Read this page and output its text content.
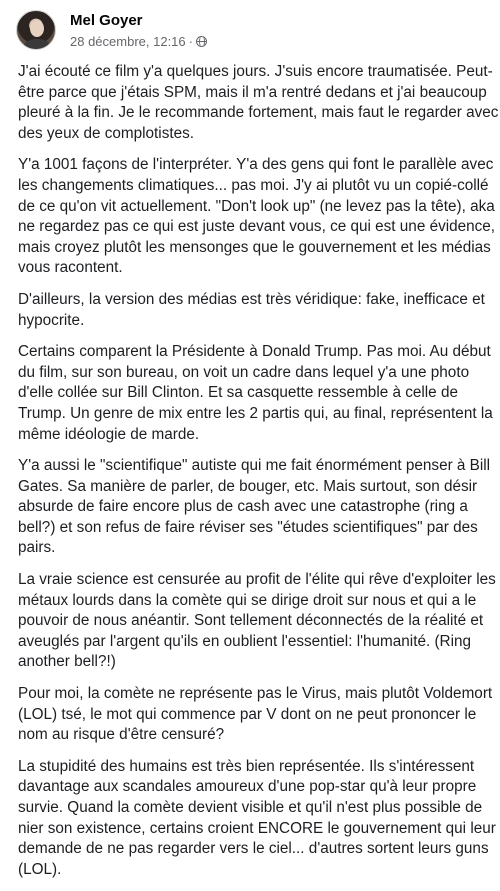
Mel Goyer
28 décembre, 12:16 ·

J'ai écouté ce film y'a quelques jours. J'suis encore traumatisée. Peut-
être parce que j'étais SPM, mais il m'a rentré dedans et j'ai beaucoup
pleuré à la fin. Je le recommande fortement, mais faut le regarder avec
des yeux de complotistes.

Y'a 1001 façons de l'interpréter. Y'a des gens qui font le parallèle avec
les changements climatiques... pas moi. J'y ai plutôt vu un copié-collé
de ce qu'on vit actuellement. "Don't look up" (ne levez pas la tête), aka
ne regardez pas ce qui est juste devant vous, ce qui est une évidence,
mais croyez plutôt les mensonges que le gouvernement et les médias
vous racontent.

D'ailleurs, la version des médias est très véridique: fake, inefficace et
hypocrite.

Certains comparent la Présidente à Donald Trump. Pas moi. Au début
du film, sur son bureau, on voit un cadre dans lequel y'a une photo
d'elle collée sur Bill Clinton. Et sa casquette ressemble à celle de
Trump. Un genre de mix entre les 2 partis qui, au final, représentent la
même idéologie de marde.

Y'a aussi le "scientifique" autiste qui me fait énormément penser à Bill
Gates. Sa manière de parler, de bouger, etc. Mais surtout, son désir
absurde de faire encore plus de cash avec une catastrophe (ring a
bell?) et son refus de faire réviser ses "études scientifiques" par des
pairs.

La vraie science est censurée au profit de l'élite qui rêve d'exploiter les
métaux lourds dans la comète qui se dirige droit sur nous et qui a le
pouvoir de nous anéantir. Sont tellement déconnectés de la réalité et
aveuglés par l'argent qu'ils en oublient l'essentiel: l'humanité. (Ring
another bell?!)

Pour moi, la comète ne représente pas le Virus, mais plutôt Voldemort
(LOL) tsé, le mot qui commence par V dont on ne peut prononcer le
nom au risque d'être censuré?

La stupidité des humains est très bien représentée. Ils s'intéressent
davantage aux scandales amoureux d'une pop-star qu'à leur propre
survie. Quand la comète devient visible et qu'il n'est plus possible de
nier son existence, certains croient ENCORE le gouvernement qui leur
demande de ne pas regarder vers le ciel... d'autres sortent leurs guns
(LOL).
